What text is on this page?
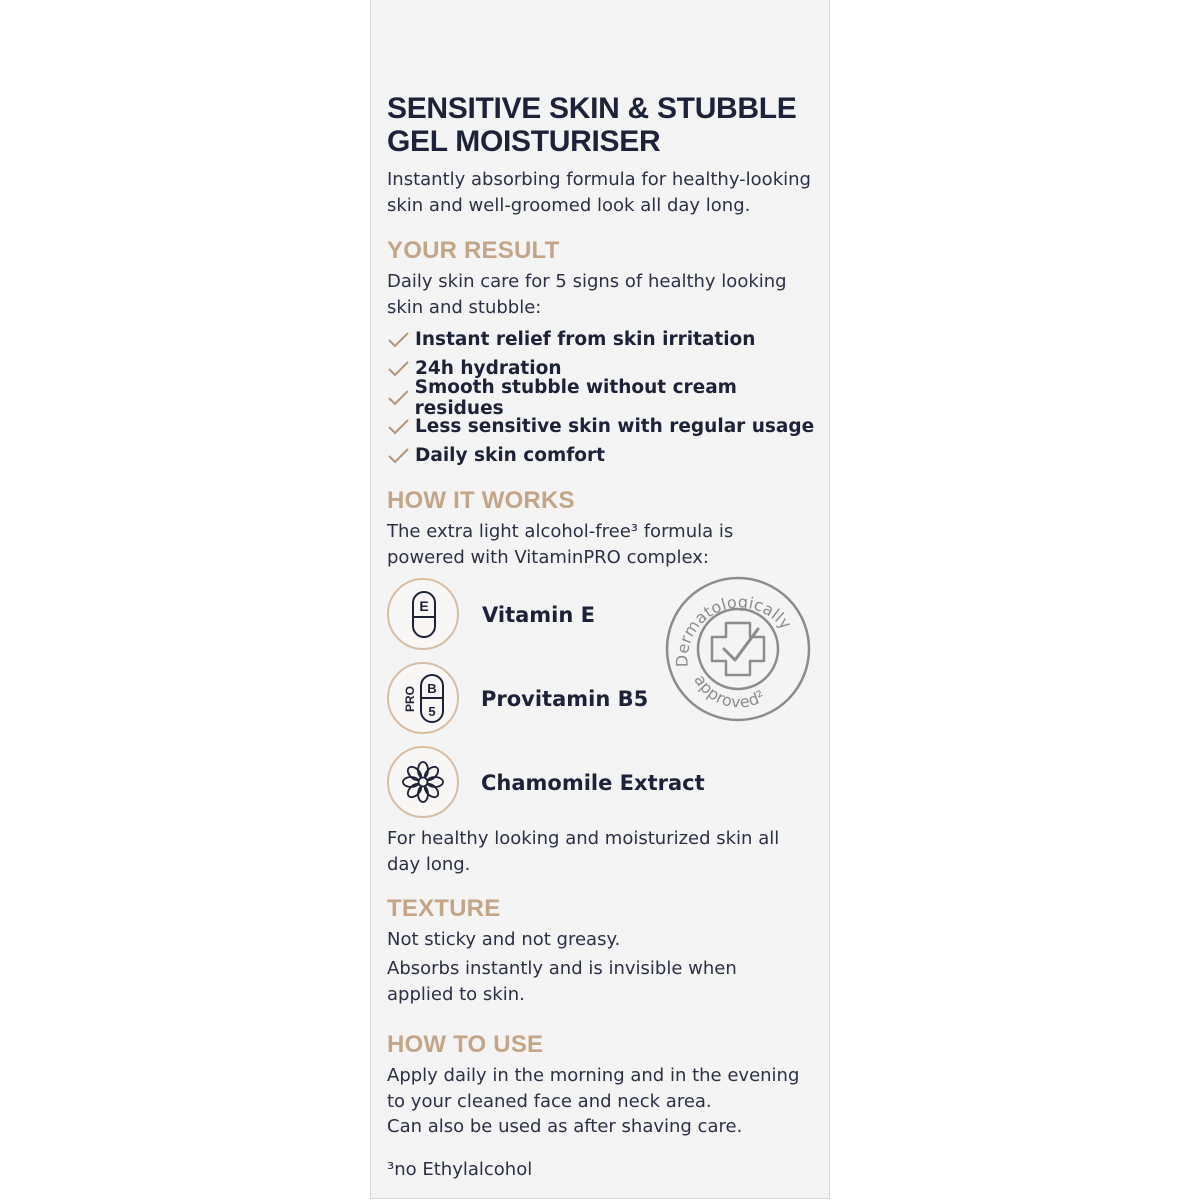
SENSITIVE SKIN & STUBBLE
GEL MOISTURISER

Instantly absorbing formula for healthy-looking
skin and well-groomed look all day long.

YOUR RESULT

Daily skin care for 5 signs of healthy looking
skin and stubble:

Instant relief from skin irritation
24h hydration
Smooth stubble without cream residues
Less sensitive skin with regular usage
Daily skin comfort
HOW IT WORKS

The extra light alcohol-free³ formula is
powered with VitaminPRO complex:

E	Vitamin E
PRO B
5
Provitamin B5
Chamomile Extract
Dermatologically
approved²

For healthy looking and moisturized skin all
day long.

TEXTURE

Not sticky and not greasy.

Absorbs instantly and is invisible when
applied to skin.

HOW TO USE

Apply daily in the morning and in the evening
to your cleaned face and neck area.
Can also be used as after shaving care.

³no Ethylalcohol
